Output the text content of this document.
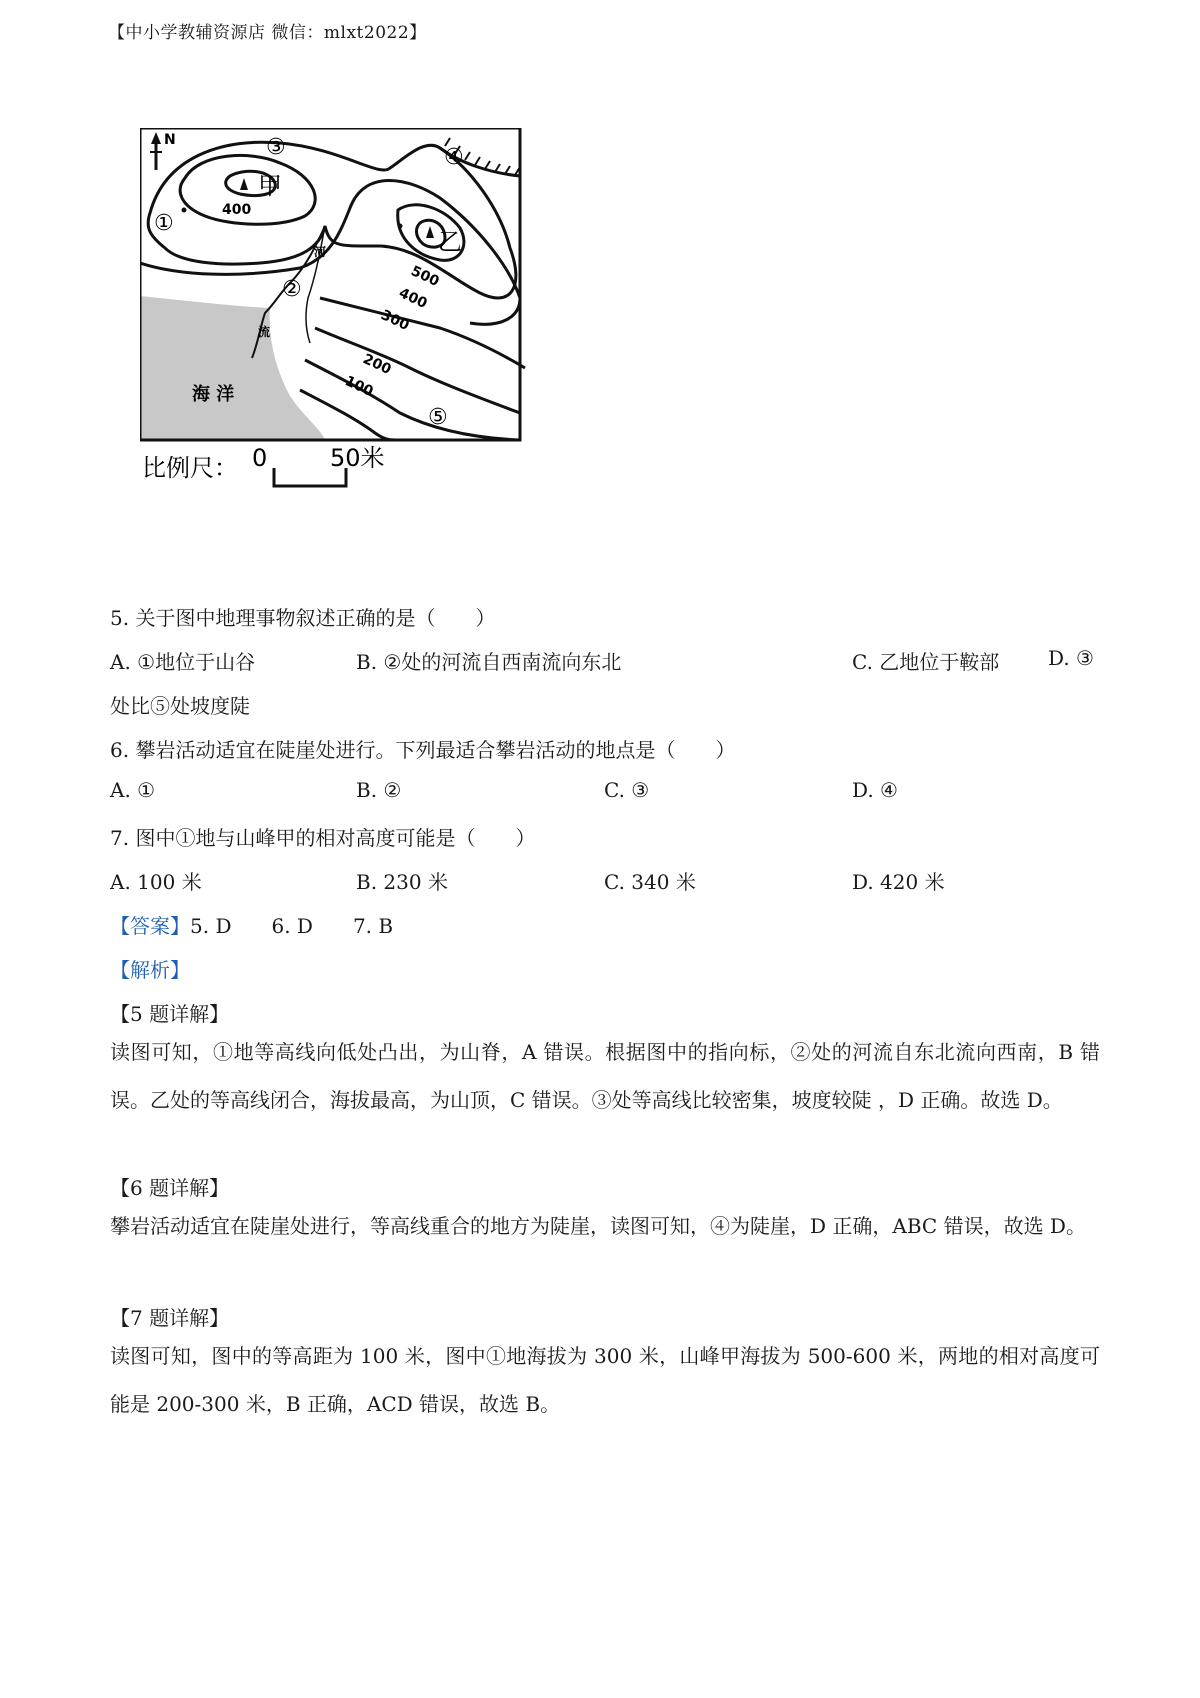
【中小学教辅资源店 微信：mlxt2022】
N
甲
乙
400
500
400
300
200
100
①
②
③	④
⑤
河
流
海 洋
比例尺： 0	50米
5. 关于图中地理事物叙述正确的是（　　）
A. ①地位于山谷	B. ②处的河流自西南流向东北	C. 乙地位于鞍部 D. ③
处比⑤处坡度陡
6. 攀岩活动适宜在陡崖处进行。下列最适合攀岩活动的地点是（　　）
A. ①	B. ②	C. ③	D. ④
7. 图中①地与山峰甲的相对高度可能是（　　）
A. 100 米	B. 230 米	C. 340 米	D. 420 米
【答案】5. D　　6. D　　7. B
【解析】
【5 题详解】
读图可知，①地等高线向低处凸出，为山脊，A 错误。根据图中的指向标，②处的河流自东北流向西南，B 错误。乙处的等高线闭合，海拔最高，为山顶，C 错误。③处等高线比较密集，坡度较陡 ，D 正确。故选 D。
【6 题详解】
攀岩活动适宜在陡崖处进行，等高线重合的地方为陡崖，读图可知，④为陡崖，D 正确，ABC 错误，故选 D。
【7 题详解】
读图可知，图中的等高距为 100 米，图中①地海拔为 300 米，山峰甲海拔为 500-600 米，两地的相对高度可能是 200-300 米，B 正确，ACD 错误，故选 B。
